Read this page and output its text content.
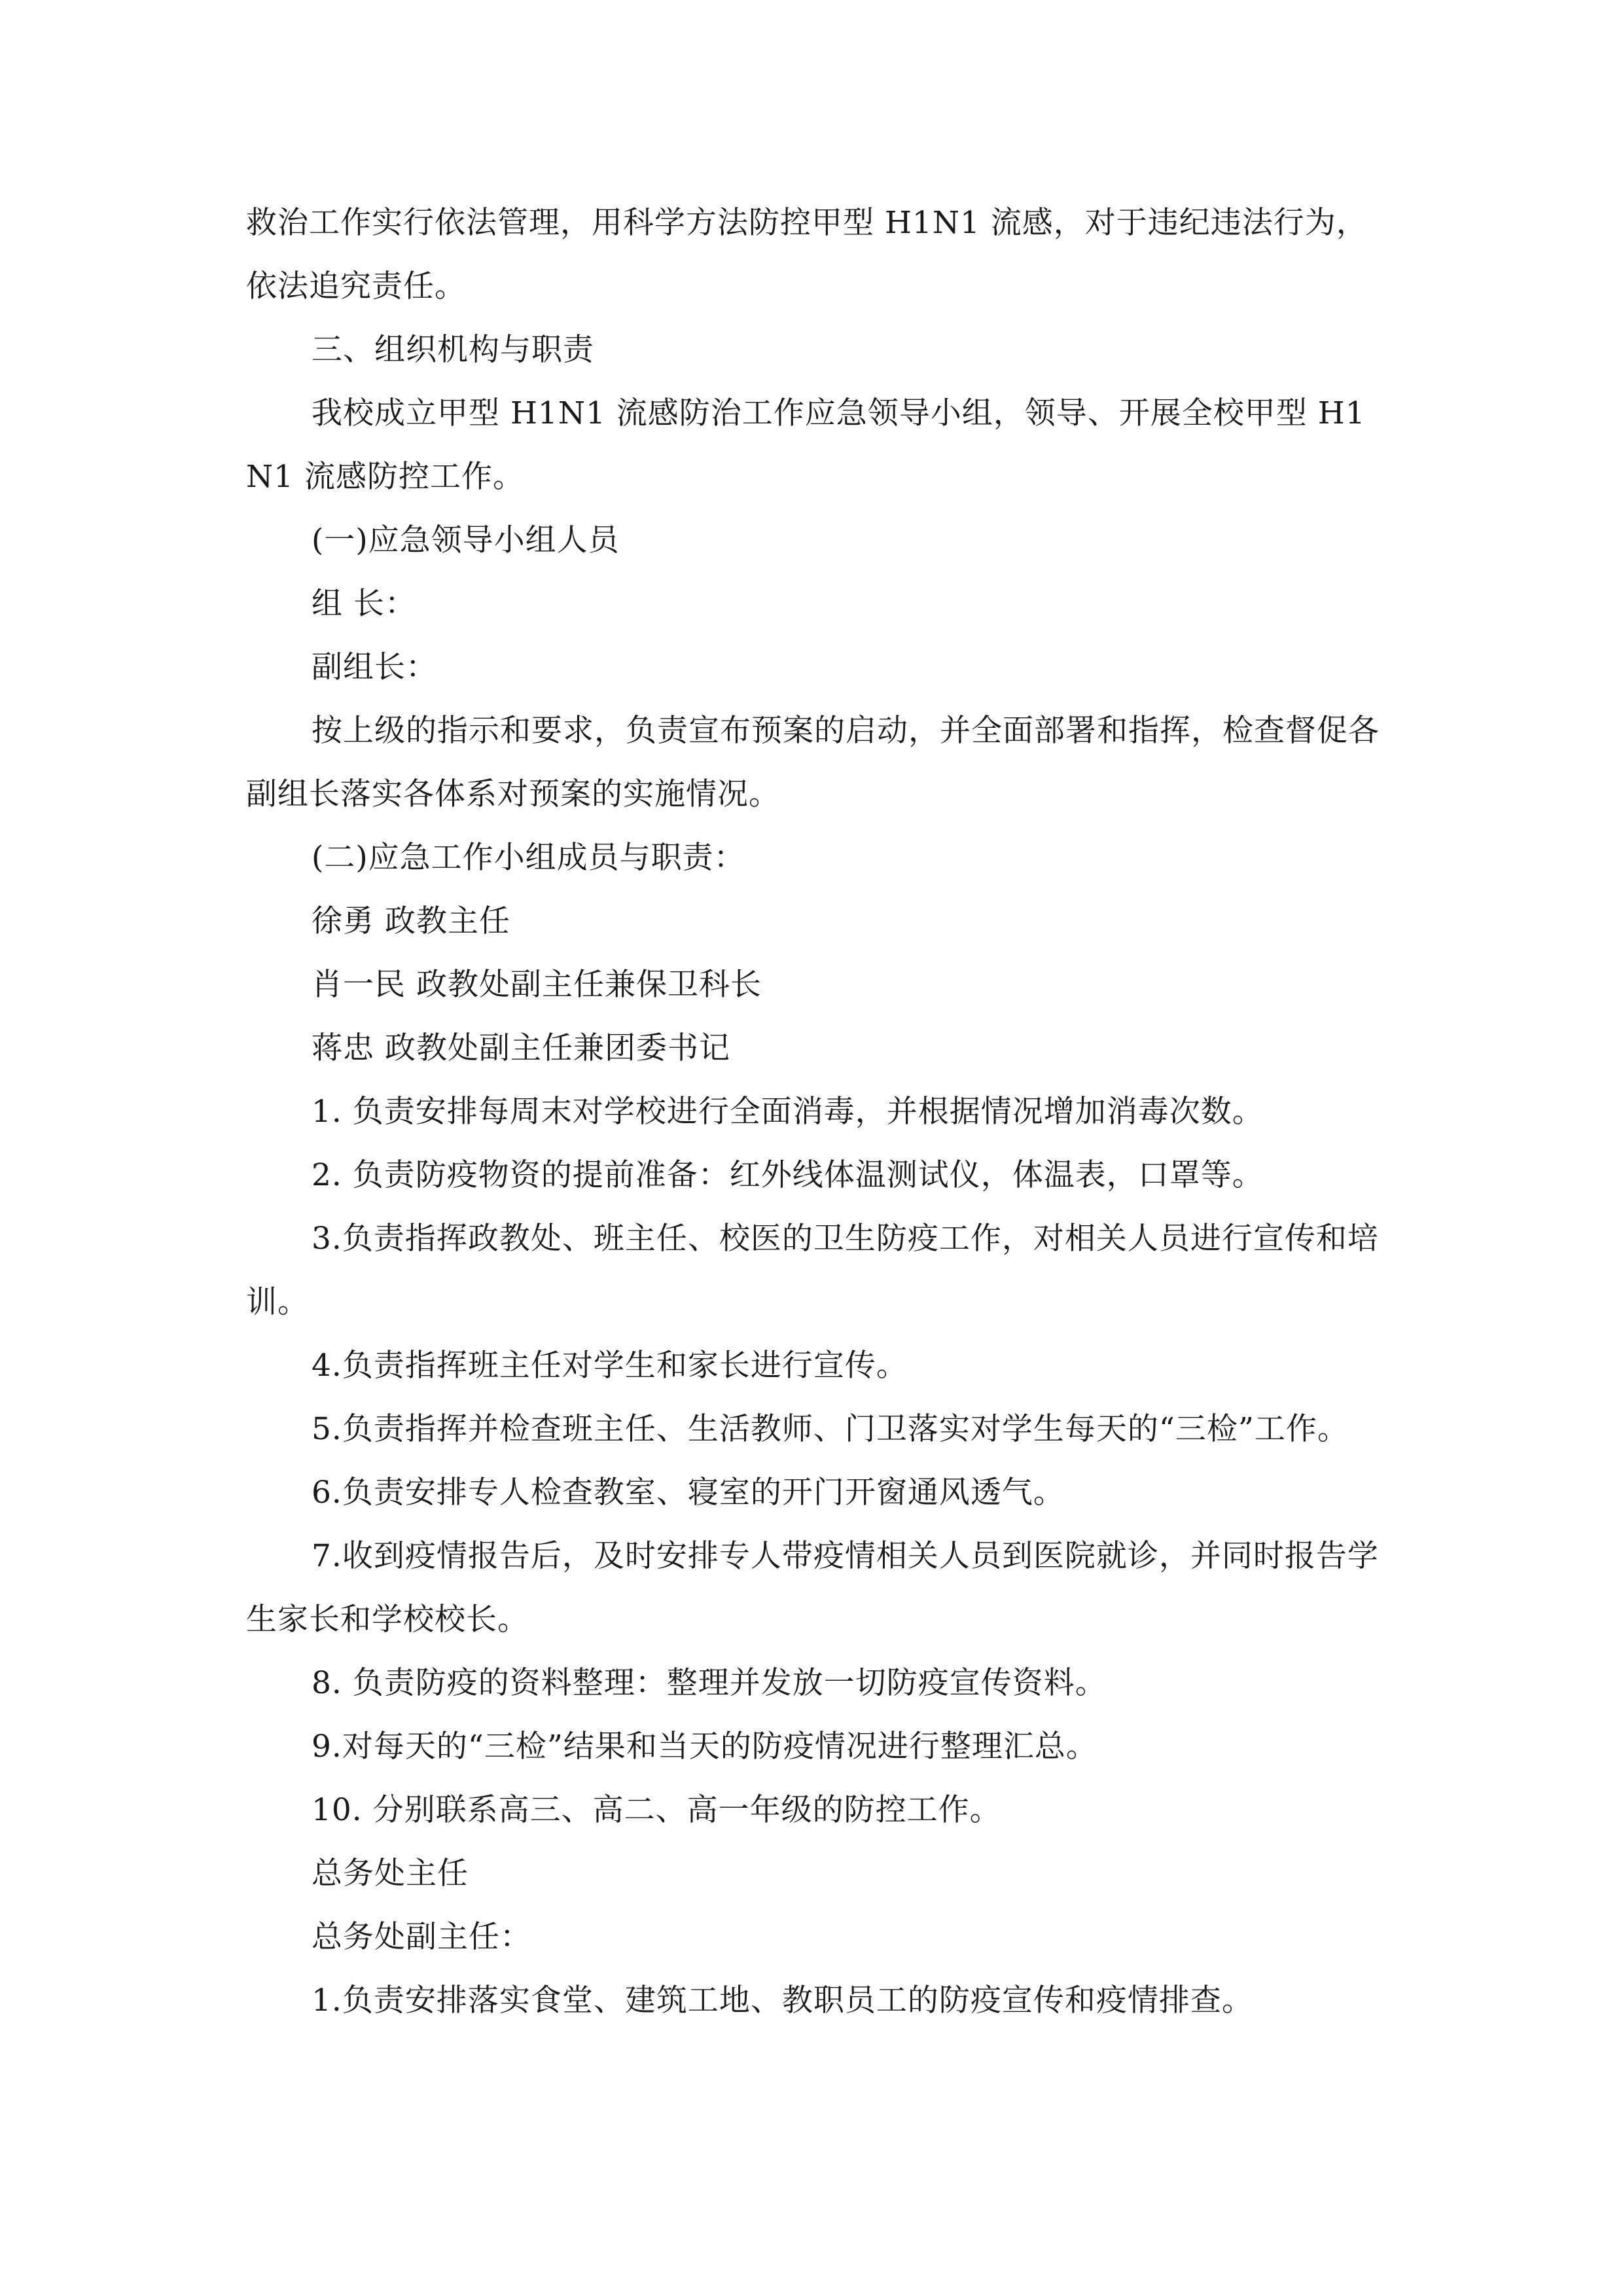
救治工作实行依法管理，用科学方法防控甲型 H1N1 流感，对于违纪违法行为，依法追究责任。

三、组织机构与职责

我校成立甲型 H1N1 流感防治工作应急领导小组，领导、开展全校甲型 H1N1 流感防控工作。

(一)应急领导小组人员

组 长：

副组长：

按上级的指示和要求，负责宣布预案的启动，并全面部署和指挥，检查督促各副组长落实各体系对预案的实施情况。

(二)应急工作小组成员与职责：

徐勇 政教主任

肖一民 政教处副主任兼保卫科长

蒋忠 政教处副主任兼团委书记

1. 负责安排每周末对学校进行全面消毒，并根据情况增加消毒次数。

2. 负责防疫物资的提前准备：红外线体温测试仪，体温表，口罩等。

3.负责指挥政教处、班主任、校医的卫生防疫工作，对相关人员进行宣传和培训。

4.负责指挥班主任对学生和家长进行宣传。

5.负责指挥并检查班主任、生活教师、门卫落实对学生每天的“三检”工作。

6.负责安排专人检查教室、寝室的开门开窗通风透气。

7.收到疫情报告后，及时安排专人带疫情相关人员到医院就诊，并同时报告学生家长和学校校长。

8. 负责防疫的资料整理：整理并发放一切防疫宣传资料。

9.对每天的“三检”结果和当天的防疫情况进行整理汇总。

10. 分别联系高三、高二、高一年级的防控工作。

总务处主任

总务处副主任：

1.负责安排落实食堂、建筑工地、教职员工的防疫宣传和疫情排查。
